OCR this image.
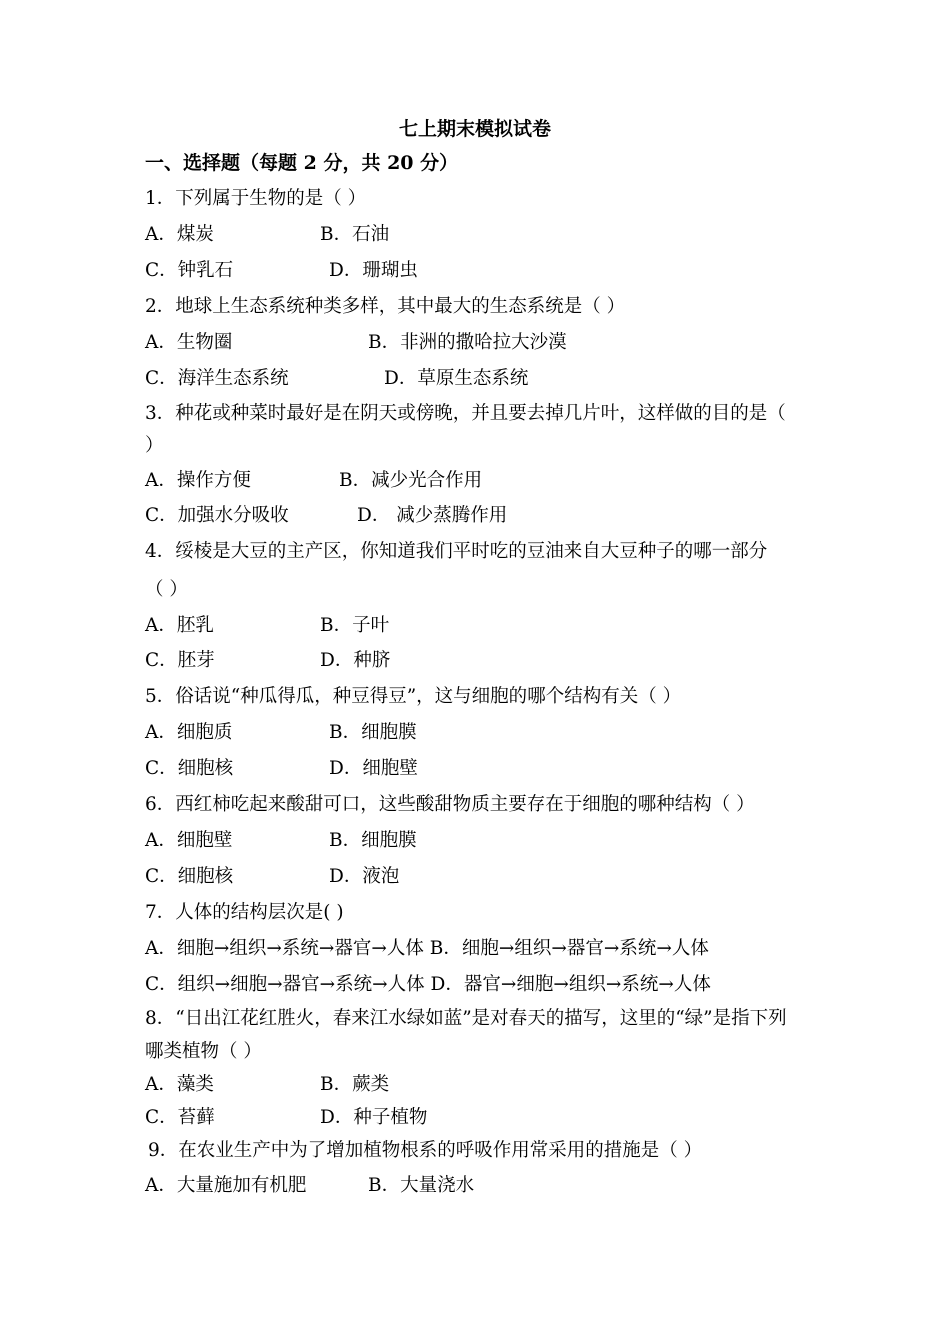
七上期末模拟试卷
一、选择题（每题 2 分，共 20 分）
1．下列属于生物的是（ ）
A．煤炭	B．石油
C．钟乳石	D．珊瑚虫
2．地球上生态系统种类多样，其中最大的生态系统是（ ）
A．生物圈	B．非洲的撒哈拉大沙漠
C．海洋生态系统	D．草原生态系统
3．种花或种菜时最好是在阴天或傍晚，并且要去掉几片叶，这样做的目的是（
）
A．操作方便	B．减少光合作用
C．加强水分吸收	D． 减少蒸腾作用
4．绥棱是大豆的主产区，你知道我们平时吃的豆油来自大豆种子的哪一部分
（ ）
A．胚乳	B．子叶
C．胚芽	D．种脐
5．俗话说“种瓜得瓜，种豆得豆”，这与细胞的哪个结构有关（ ）
A．细胞质	B．细胞膜
C．细胞核	D．细胞壁
6．西红柿吃起来酸甜可口，这些酸甜物质主要存在于细胞的哪种结构（ ）
A．细胞壁	B．细胞膜
C．细胞核	D．液泡
7．人体的结构层次是( )
A．细胞→组织→系统→器官→人体 B．细胞→组织→器官→系统→人体
C．组织→细胞→器官→系统→人体 D．器官→细胞→组织→系统→人体
8．“日出江花红胜火，春来江水绿如蓝”是对春天的描写，这里的“绿”是指下列
哪类植物（ ）
A．藻类	B．蕨类
C．苔藓	D．种子植物
9．在农业生产中为了增加植物根系的呼吸作用常采用的措施是（ ）
A．大量施加有机肥	B．大量浇水
